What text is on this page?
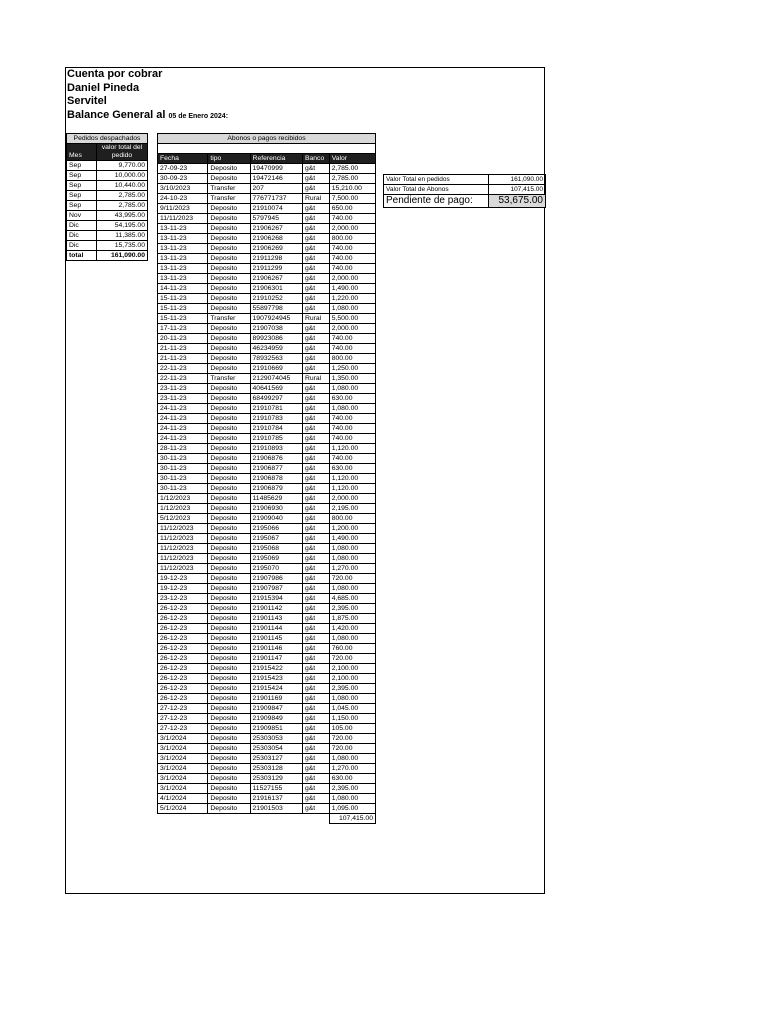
Cuenta por cobrar
Daniel Pineda
Servitel
Balance General al 05 de Enero 2024:
Pedidos despachados	
Mes	valor total del pedido
Sep	9,770.00
Sep	10,000.00
Sep	10,440.00
Sep	2,785.00
Sep	2,785.00
Nov	43,995.00
Dic	54,195.00
Dic	11,385.00
Dic	15,735.00
total	161,090.00
Abonos o pagos recibidos				

Fecha	tipo	Referencia	Banco	Valor
27-09-23	Deposito	19470999	g&t	2,785.00
30-09-23	Deposito	19472146	g&t	2,785.00
3/10/2023	Transfer	207	g&t	15,210.00
24-10-23	Transfer	776771737	Rural	7,500.00
9/11/2023	Deposito	21910074	g&t	650.00
11/11/2023	Deposito	5797945	g&t	740.00
13-11-23	Deposito	21906267	g&t	2,000.00
13-11-23	Deposito	21906268	g&t	800.00
13-11-23	Deposito	21906269	g&t	740.00
13-11-23	Deposito	21911298	g&t	740.00
13-11-23	Deposito	21911299	g&t	740.00
13-11-23	Deposito	21906267	g&t	2,000.00
14-11-23	Deposito	21906301	g&t	1,490.00
15-11-23	Deposito	21910252	g&t	1,220.00
15-11-23	Deposito	55897798	g&t	1,080.00
15-11-23	Transfer	1907924945	Rural	5,500.00
17-11-23	Deposito	21907038	g&t	2,000.00
20-11-23	Deposito	89923086	g&t	740.00
21-11-23	Deposito	46234959	g&t	740.00
21-11-23	Deposito	78932563	g&t	800.00
22-11-23	Deposito	21910669	g&t	1,250.00
22-11-23	Transfer	2129074045	Rural	1,350.00
23-11-23	Deposito	40641569	g&t	1,080.00
23-11-23	Deposito	68499297	g&t	630.00
24-11-23	Deposito	21910781	g&t	1,080.00
24-11-23	Deposito	21910783	g&t	740.00
24-11-23	Deposito	21910784	g&t	740.00
24-11-23	Deposito	21910785	g&t	740.00
28-11-23	Deposito	21910893	g&t	1,120.00
30-11-23	Deposito	21906876	g&t	740.00
30-11-23	Deposito	21906877	g&t	630.00
30-11-23	Deposito	21906878	g&t	1,120.00
30-11-23	Deposito	21906879	g&t	1,120.00
1/12/2023	Deposito	11485629	g&t	2,000.00
1/12/2023	Deposito	21906930	g&t	2,195.00
5/12/2023	Deposito	21909040	g&t	800.00
11/12/2023	Deposito	2195066	g&t	1,200.00
11/12/2023	Deposito	2195067	g&t	1,490.00
11/12/2023	Deposito	2195068	g&t	1,080.00
11/12/2023	Deposito	2195069	g&t	1,080.00
11/12/2023	Deposito	2195070	g&t	1,270.00
19-12-23	Deposito	21907986	g&t	720.00
19-12-23	Deposito	21907987	g&t	1,080.00
23-12-23	Deposito	21915394	g&t	4,685.00
26-12-23	Deposito	21901142	g&t	2,395.00
26-12-23	Deposito	21901143	g&t	1,875.00
26-12-23	Deposito	21901144	g&t	1,420.00
26-12-23	Deposito	21901145	g&t	1,080.00
26-12-23	Deposito	21901146	g&t	760.00
26-12-23	Deposito	21901147	g&t	720.00
26-12-23	Deposito	21915422	g&t	2,100.00
26-12-23	Deposito	21915423	g&t	2,100.00
26-12-23	Deposito	21915424	g&t	2,395.00
26-12-23	Deposito	21901169	g&t	1,080.00
27-12-23	Deposito	21909847	g&t	1,045.00
27-12-23	Deposito	21909849	g&t	1,150.00
27-12-23	Deposito	21909851	g&t	105.00
3/1/2024	Deposito	25303053	g&t	720.00
3/1/2024	Deposito	25303054	g&t	720.00
3/1/2024	Deposito	25303127	g&t	1,080.00
3/1/2024	Deposito	25303128	g&t	1,270.00
3/1/2024	Deposito	25303129	g&t	630.00
3/1/2024	Deposito	11527155	g&t	2,395.00
4/1/2024	Deposito	21916137	g&t	1,080.00
5/1/2024	Deposito	21901503	g&t	1,095.00
				107,415.00
Valor Total en pedidos	161,090.00
Valor Total de Abonos	107,415.00
Pendiente de pago:	53,675.00
